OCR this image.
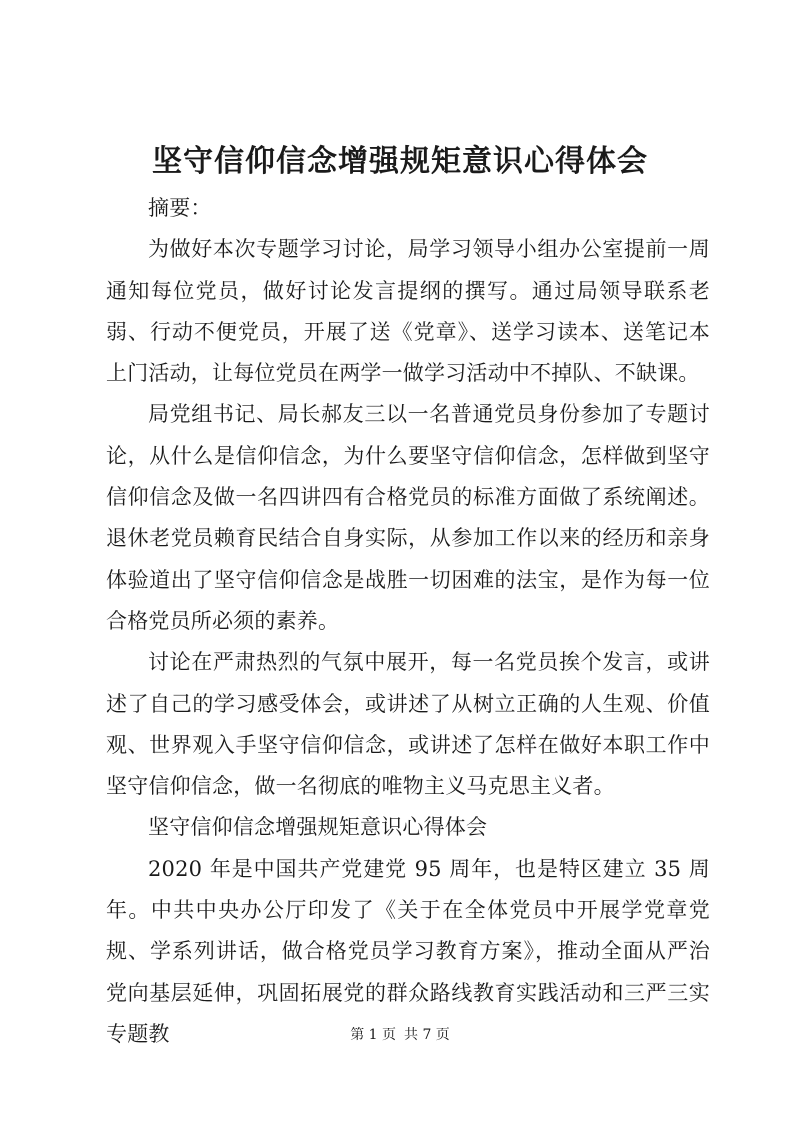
坚守信仰信念增强规矩意识心得体会

摘要：

为做好本次专题学习讨论，局学习领导小组办公室提前一周通知每位党员，做好讨论发言提纲的撰写。通过局领导联系老弱、行动不便党员，开展了送《党章》、送学习读本、送笔记本上门活动，让每位党员在两学一做学习活动中不掉队、不缺课。

局党组书记、局长郝友三以一名普通党员身份参加了专题讨论，从什么是信仰信念，为什么要坚守信仰信念，怎样做到坚守信仰信念及做一名四讲四有合格党员的标准方面做了系统阐述。退休老党员赖育民结合自身实际，从参加工作以来的经历和亲身体验道出了坚守信仰信念是战胜一切困难的法宝，是作为每一位合格党员所必须的素养。

讨论在严肃热烈的气氛中展开，每一名党员挨个发言，或讲述了自己的学习感受体会，或讲述了从树立正确的人生观、价值观、世界观入手坚守信仰信念，或讲述了怎样在做好本职工作中坚守信仰信念，做一名彻底的唯物主义马克思主义者。

坚守信仰信念增强规矩意识心得体会

2020 年是中国共产党建党 95 周年，也是特区建立 35 周年。中共中央办公厅印发了《关于在全体党员中开展学党章党规、学系列讲话，做合格党员学习教育方案》，推动全面从严治党向基层延伸，巩固拓展党的群众路线教育实践活动和三严三实专题教	第 1 页 共 7 页
